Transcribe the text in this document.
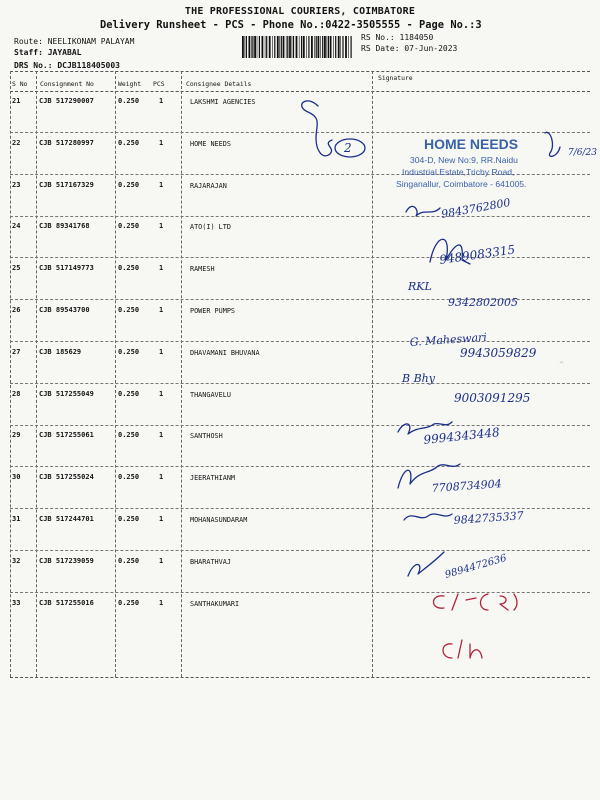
THE PROFESSIONAL COURIERS, COIMBATORE
Delivery Runsheet - PCS - Phone No.:0422-3505555 - Page No.:3
Route: NEELIKONAM PALAYAM
Staff: JAYABAL
DRS No.: DCJB118405003
RS No.: 1184050
RS Date: 07-Jun-2023
S No Consignment No	Weight PCS	Consignee Details
Signature
21	CJB 517290007	0.250	1	LAKSHMI AGENCIES
22	CJB 517280997	0.250	1	HOME NEEDS
23	CJB 517167329	0.250	1	RAJARAJAN
24	CJB 89341768	0.250	1	ATO(I) LTD
25	CJB 517149773	0.250	1	RAMESH
26	CJB 89543700	0.250	1	POWER PUMPS
27	CJB 185629	0.250	1	DHAVAMANI BHUVANA
28	CJB 517255049	0.250	1	THANGAVELU
29	CJB 517255061	0.250	1	SANTHOSH
30	CJB 517255024	0.250	1	JEERATHIANM
31	CJB 517244701	0.250	1	MOHANASUNDARAM
32	CJB 517239059	0.250	1	BHARATHVAJ
33	CJB 517255016	0.250	1	SANTHAKUMARI
^
HOME NEEDS
304-D, New No:9, RR.Naidu
Industrial Estate,Trichy Road,
Singanallur, Coimbatore - 641005.
7/6/23
2
9843762800
9489083315
RKL
9342802005
G. Maheswari
9943059829
B Bhy
9003091295
9994343448
7708734904
9842735337
9894472636
